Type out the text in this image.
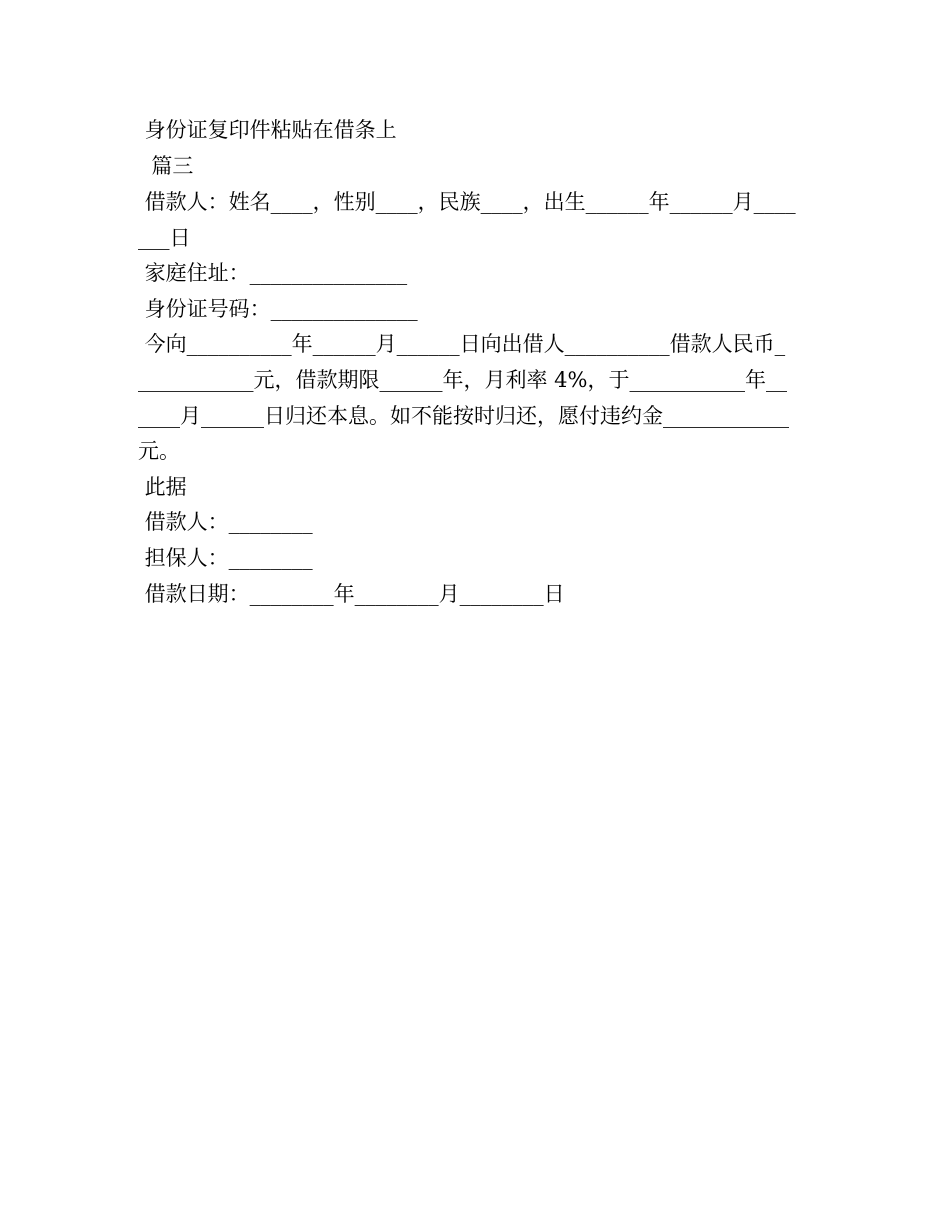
身份证复印件粘贴在借条上
篇三
借款人：姓名____，性别____，民族____，出生______年______月____
___日
家庭住址：_______________
身份证号码：______________
今向__________年______月______日向出借人__________借款人民币_
___________元，借款期限______年，月利率 4%，于___________年__
____月______日归还本息。如不能按时归还，愿付违约金____________
元。
此据
借款人：________
担保人：________
借款日期：________年________月________日
